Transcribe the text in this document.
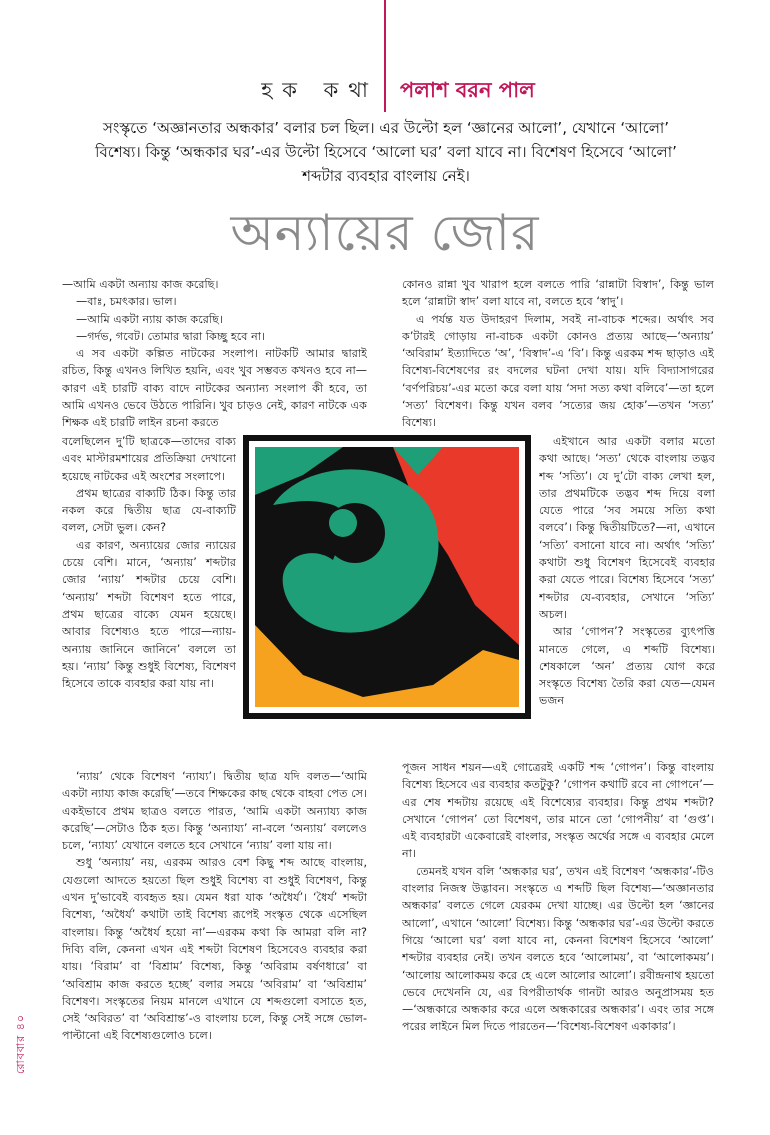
হক কথা পলাশ বরন পাল
সংস্কৃতে ‘অজ্ঞানতার অন্ধকার’ বলার চল ছিল। এর উল্টো হল ‘জ্ঞানের আলো’, যেখানে ‘আলো’ বিশেষ্য। কিন্তু ‘অন্ধকার ঘর’-এর উল্টো হিসেবে ‘আলো ঘর’ বলা যাবে না। বিশেষণ হিসেবে ‘আলো’ শব্দটার ব্যবহার বাংলায় নেই।
অন্যায়ের জোর

—আমি একটা অন্যায় কাজ করেছি।

—বাঃ, চমৎকার। ভাল।

—আমি একটা ন্যায় কাজ করেছি।

—গর্দভ, গবেট। তোমার দ্বারা কিচ্ছু হবে না।

এ সব একটা কল্পিত নাটকের সংলাপ। নাটকটি আমার দ্বারাই রচিত, কিন্তু এখনও লিখিত হয়নি, এবং খুব সম্ভবত কখনও হবে না—কারণ এই চারটি বাক্য বাদে নাটকের অন্যান্য সংলাপ কী হবে, তা আমি এখনও ভেবে উঠতে পারিনি। খুব চাড়ও নেই, কারণ নাটকে এক শিক্ষক এই চারটি লাইন রচনা করতে

বলেছিলেন দু’টি ছাত্রকে—তাদের বাক্য এবং মাস্টারমশায়ের প্রতিক্রিয়া দেখানো হয়েছে নাটকের এই অংশের সংলাপে।

প্রথম ছাত্রের বাক্যটি ঠিক। কিন্তু তার নকল করে দ্বিতীয় ছাত্র যে-বাক্যটি বলল, সেটা ভুল। কেন?

এর কারণ, অন্যায়ের জোর ন্যায়ের চেয়ে বেশি। মানে, ‘অন্যায়’ শব্দটার জোর ‘ন্যায়’ শব্দটার চেয়ে বেশি। ‘অন্যায়’ শব্দটা বিশেষণ হতে পারে, প্রথম ছাত্রের বাক্যে যেমন হয়েছে। আবার বিশেষ্যও হতে পারে—ন্যায়-অন্যায় জানিনে জানিনে’ বললে তা হয়। ‘ন্যায়’ কিন্তু শুধুই বিশেষ্য, বিশেষণ হিসেবে তাকে ব্যবহার করা যায় না।

‘ন্যায়’ থেকে বিশেষণ ‘ন্যায্য’। দ্বিতীয় ছাত্র যদি বলত—‘আমি একটা ন্যায্য কাজ করেছি’—তবে শিক্ষকের কাছ থেকে বাহবা পেত সে। একইভাবে প্রথম ছাত্রও বলতে পারত, ‘আমি একটা অন্যায্য কাজ করেছি’—সেটাও ঠিক হত। কিন্তু ‘অন্যায্য’ না-বলে ‘অন্যায়’ বললেও চলে, ‘ন্যায্য’ যেখানে বলতে হবে সেখানে ‘ন্যায়’ বলা যায় না।

শুধু ‘অন্যায়’ নয়, এরকম আরও বেশ কিছু শব্দ আছে বাংলায়, যেগুলো আদতে হয়তো ছিল শুধুই বিশেষ্য বা শুধুই বিশেষণ, কিন্তু এখন দু’ভাবেই ব্যবহৃত হয়। যেমন ধরা যাক ‘অধৈর্য’। ‘ধৈর্য’ শব্দটা বিশেষ্য, ‘অধৈর্য’ কথাটা তাই বিশেষ্য রূপেই সংস্কৃত থেকে এসেছিল বাংলায়। কিন্তু ‘অধৈর্য হয়ো না’—এরকম কথা কি আমরা বলি না? দিব্যি বলি, কেননা এখন এই শব্দটা বিশেষণ হিসেবেও ব্যবহার করা যায়। ‘বিরাম’ বা ‘বিশ্রাম’ বিশেষ্য, কিন্তু ‘অবিরাম বর্ষণধারে’ বা ‘অবিশ্রাম কাজ করতে হচ্ছে’ বলার সময়ে ‘অবিরাম’ বা ‘অবিশ্রাম’ বিশেষণ। সংস্কৃতের নিয়ম মানলে এখানে যে শব্দগুলো বসাতে হত, সেই ‘অবিরত’ বা ‘অবিশ্রান্ত’-ও বাংলায় চলে, কিন্তু সেই সঙ্গে ভোল-পাল্টানো এই বিশেষ্যগুলোও চলে।

কোনও রান্না খুব খারাপ হলে বলতে পারি ‘রান্নাটা বিস্বাদ’, কিন্তু ভাল হলে ‘রান্নাটা স্বাদ’ বলা যাবে না, বলতে হবে ‘স্বাদু’।

এ পর্যন্ত যত উদাহরণ দিলাম, সবই না-বাচক শব্দের। অর্থাৎ সব ক’টারই গোড়ায় না-বাচক একটা কোনও প্রত্যয় আছে—‘অন্যায়’ ‘অবিরাম’ ইত্যাদিতে ‘অ’, ‘বিস্বাদ’-এ ‘বি’। কিন্তু এরকম শব্দ ছাড়াও এই বিশেষ্য-বিশেষণের রং বদলের ঘটনা দেখা যায়। যদি বিদ্যাসাগরের ‘বর্ণপরিচয়’-এর মতো করে বলা যায় ‘সদা সত্য কথা বলিবে’—তা হলে ‘সত্য’ বিশেষণ। কিন্তু যখন বলব ‘সত্যের জয় হোক’—তখন ‘সত্য’ বিশেষ্য।

এইখানে আর একটা বলার মতো কথা আছে। ‘সত্য’ থেকে বাংলায় তদ্ভব শব্দ ‘সত্যি’। যে দু’টো বাক্য লেখা হল, তার প্রথমটিকে তদ্ভব শব্দ দিয়ে বলা যেতে পারে ‘সব সময়ে সত্যি কথা বলবে’। কিন্তু দ্বিতীয়টিতে?—না, এখানে ‘সত্যি’ বসানো যাবে না। অর্থাৎ ‘সত্যি’ কথাটা শুধু বিশেষণ হিসেবেই ব্যবহার করা যেতে পারে। বিশেষ্য হিসেবে ‘সত্য’ শব্দটার যে-ব্যবহার, সেখানে ‘সত্যি’ অচল।

আর ‘গোপন’? সংস্কৃতের ব্যুৎপত্তি মানতে গেলে, এ শব্দটি বিশেষ্য। শেষকালে ‘অন’ প্রত্যয় যোগ করে সংস্কৃতে বিশেষ্য তৈরি করা যেত—যেমন ভজন

পূজন সাধন শয়ন—এই গোত্রেরই একটি শব্দ ‘গোপন’। কিন্তু বাংলায় বিশেষ্য হিসেবে এর ব্যবহার কতটুকু? ‘গোপন কথাটি রবে না গোপনে’—এর শেষ শব্দটায় রয়েছে এই বিশেষ্যের ব্যবহার। কিন্তু প্রথম শব্দটা? সেখানে ‘গোপন’ তো বিশেষণ, তার মানে তো ‘গোপনীয়’ বা ‘গুপ্ত’। এই ব্যবহারটা একেবারেই বাংলার, সংস্কৃত অর্থের সঙ্গে এ ব্যবহার মেলে না।

তেমনই যখন বলি ‘অন্ধকার ঘর’, তখন এই বিশেষণ ‘অন্ধকার’-টিও বাংলার নিজস্ব উদ্ভাবন। সংস্কৃতে এ শব্দটি ছিল বিশেষ্য—‘অজ্ঞানতার অন্ধকার’ বলতে গেলে যেরকম দেখা যাচ্ছে। এর উল্টো হল ‘জ্ঞানের আলো’, এখানে ‘আলো’ বিশেষ্য। কিন্তু ‘অন্ধকার ঘর’-এর উল্টো করতে গিয়ে ‘আলো ঘর’ বলা যাবে না, কেননা বিশেষণ হিসেবে ‘আলো’ শব্দটার ব্যবহার নেই। তখন বলতে হবে ‘আলোময়’, বা ‘আলোকময়’। ‘আলোয় আলোকময় করে হে এলে আলোর আলো’। রবীন্দ্রনাথ হয়তো ভেবে দেখেননি যে, এর বিপরীতার্থক গানটা আরও অনুপ্রাসময় হত—‘অন্ধকারে অন্ধকার করে এলে অন্ধকারের অন্ধকার’। এবং তার সঙ্গে পরের লাইনে মিল দিতে পারতেন—‘বিশেষ্য-বিশেষণ একাকার’।

রোববার ৪০
